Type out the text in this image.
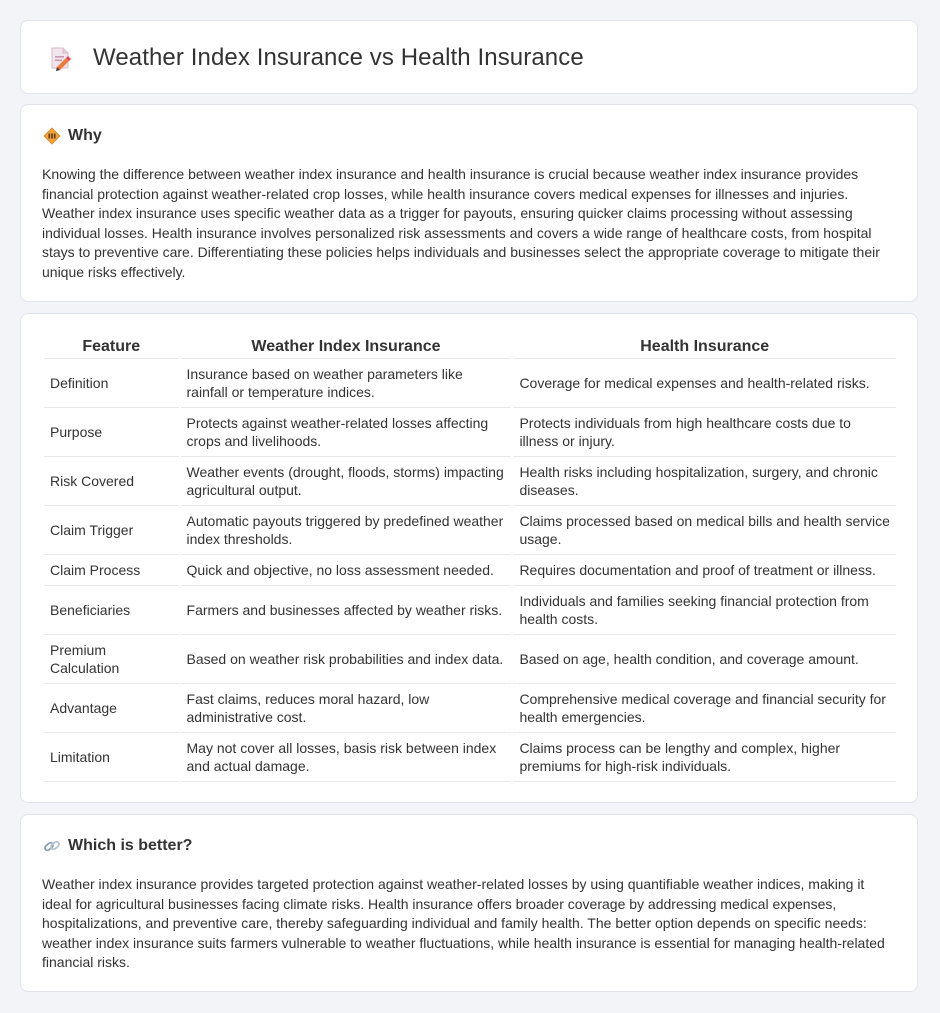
Weather Index Insurance vs Health Insurance
Why

Knowing the difference between weather index insurance and health insurance is crucial because weather index insurance provides financial protection against weather-related crop losses, while health insurance covers medical expenses for illnesses and injuries. Weather index insurance uses specific weather data as a trigger for payouts, ensuring quicker claims processing without assessing individual losses. Health insurance involves personalized risk assessments and covers a wide range of healthcare costs, from hospital stays to preventive care. Differentiating these policies helps individuals and businesses select the appropriate coverage to mitigate their unique risks effectively.

Feature	Weather Index Insurance	Health Insurance
Definition	Insurance based on weather parameters like rainfall or temperature indices.	Coverage for medical expenses and health-related risks.
Purpose	Protects against weather-related losses affecting crops and livelihoods.	Protects individuals from high healthcare costs due to illness or injury.
Risk Covered	Weather events (drought, floods, storms) impacting agricultural output.	Health risks including hospitalization, surgery, and chronic diseases.
Claim Trigger	Automatic payouts triggered by predefined weather index thresholds.	Claims processed based on medical bills and health service usage.
Claim Process	Quick and objective, no loss assessment needed.	Requires documentation and proof of treatment or illness.
Beneficiaries	Farmers and businesses affected by weather risks.	Individuals and families seeking financial protection from health costs.
Premium Calculation	Based on weather risk probabilities and index data.	Based on age, health condition, and coverage amount.
Advantage	Fast claims, reduces moral hazard, low administrative cost.	Comprehensive medical coverage and financial security for health emergencies.
Limitation	May not cover all losses, basis risk between index and actual damage.	Claims process can be lengthy and complex, higher premiums for high-risk individuals.
Which is better?

Weather index insurance provides targeted protection against weather-related losses by using quantifiable weather indices, making it ideal for agricultural businesses facing climate risks. Health insurance offers broader coverage by addressing medical expenses, hospitalizations, and preventive care, thereby safeguarding individual and family health. The better option depends on specific needs: weather index insurance suits farmers vulnerable to weather fluctuations, while health insurance is essential for managing health-related financial risks.
